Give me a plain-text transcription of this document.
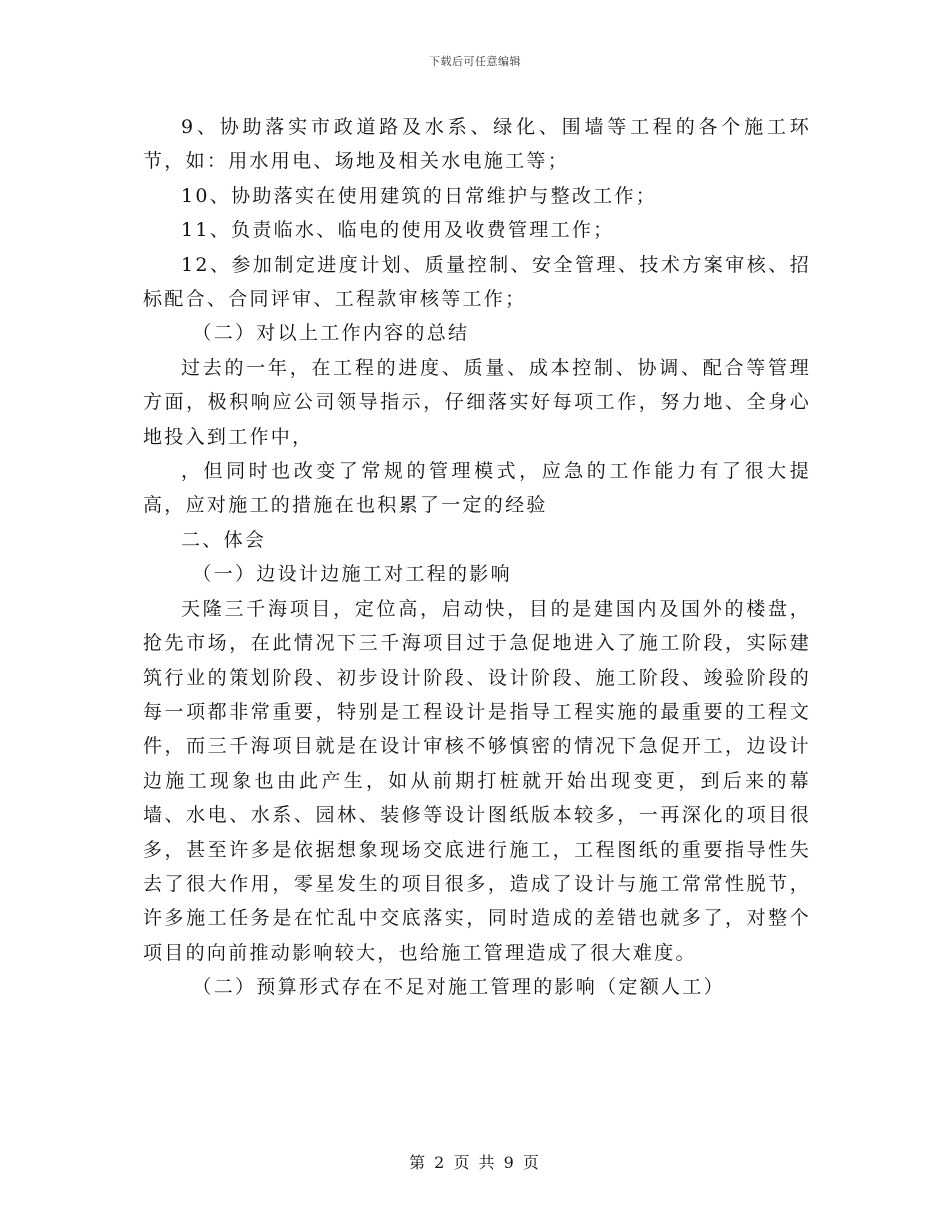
下载后可任意编辑

9、协助落实市政道路及水系、绿化、围墙等工程的各个施工环节，如：用水用电、场地及相关水电施工等；

10、协助落实在使用建筑的日常维护与整改工作；

11、负责临水、临电的使用及收费管理工作；

12、参加制定进度计划、质量控制、安全管理、技术方案审核、招标配合、合同评审、工程款审核等工作；

（二）对以上工作内容的总结

过去的一年，在工程的进度、质量、成本控制、协调、配合等管理方面，极积响应公司领导指示，仔细落实好每项工作，努力地、全身心地投入到工作中，

，但同时也改变了常规的管理模式，应急的工作能力有了很大提高，应对施工的措施在也积累了一定的经验

二、体会

（一）边设计边施工对工程的影响

天隆三千海项目，定位高，启动快，目的是建国内及国外的楼盘，抢先市场，在此情况下三千海项目过于急促地进入了施工阶段，实际建筑行业的策划阶段、初步设计阶段、设计阶段、施工阶段、竣验阶段的每一项都非常重要，特别是工程设计是指导工程实施的最重要的工程文件，而三千海项目就是在设计审核不够慎密的情况下急促开工，边设计边施工现象也由此产生，如从前期打桩就开始出现变更，到后来的幕墙、水电、水系、园林、装修等设计图纸版本较多，一再深化的项目很多，甚至许多是依据想象现场交底进行施工，工程图纸的重要指导性失去了很大作用，零星发生的项目很多，造成了设计与施工常常性脱节，许多施工任务是在忙乱中交底落实，同时造成的差错也就多了，对整个项目的向前推动影响较大，也给施工管理造成了很大难度。

（二）预算形式存在不足对施工管理的影响（定额人工）

第 2 页 共 9 页
